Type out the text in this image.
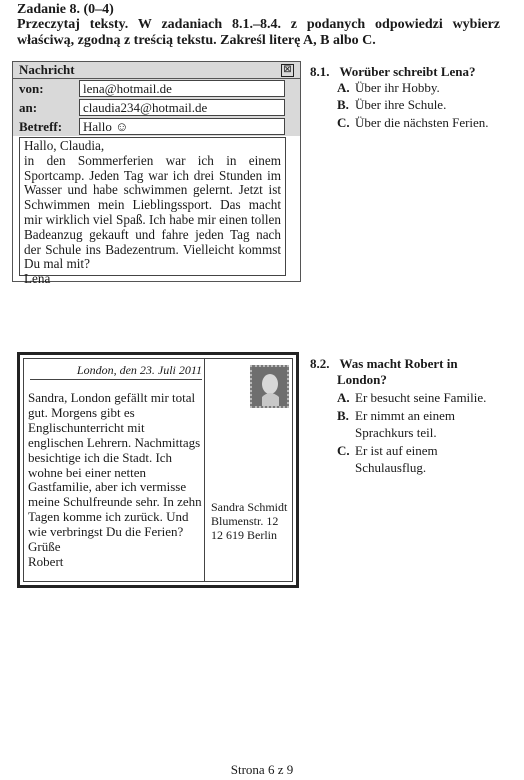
Zadanie 8. (0–4)
Przeczytaj teksty. W zadaniach 8.1.–8.4. z podanych odpowiedzi wybierz właściwą, zgodną z treścią tekstu. Zakreśl literę A, B albo C.
Nachricht	⊠
von:	lena@hotmail.de
an:	claudia234@hotmail.de
Betreff:	Hallo ☺

Hallo, Claudia,

in den Sommerferien war ich in einem Sportcamp. Jeden Tag war ich drei Stunden im Wasser und habe schwimmen gelernt. Jetzt ist Schwimmen mein Lieblingssport. Das macht mir wirklich viel Spaß. Ich habe mir einen tollen Badeanzug gekauft und fahre jeden Tag nach der Schule ins Badezentrum. Vielleicht kommst Du mal mit?

Lena

8.1. Worüber schreibt Lena?
A. Über ihr Hobby.
B. Über ihre Schule.
C. Über die nächsten Ferien.
London, den 23. Juli 2011

Sandra, London gefällt mir total gut. Morgens gibt es Englischunterricht mit englischen Lehrern. Nachmittags besichtige ich die Stadt. Ich wohne bei einer netten Gastfamilie, aber ich vermisse meine Schulfreunde sehr. In zehn Tagen komme ich zurück. Und wie verbringst Du die Ferien?

Grüße

Robert

Sandra Schmidt
Blumenstr. 12
12 619 Berlin
8.2. Was macht Robert in
London?
A. Er besucht seine Familie.
B. Er nimmt an einem Sprachkurs teil.
C. Er ist auf einem Schulausflug.
Strona 6 z 9
